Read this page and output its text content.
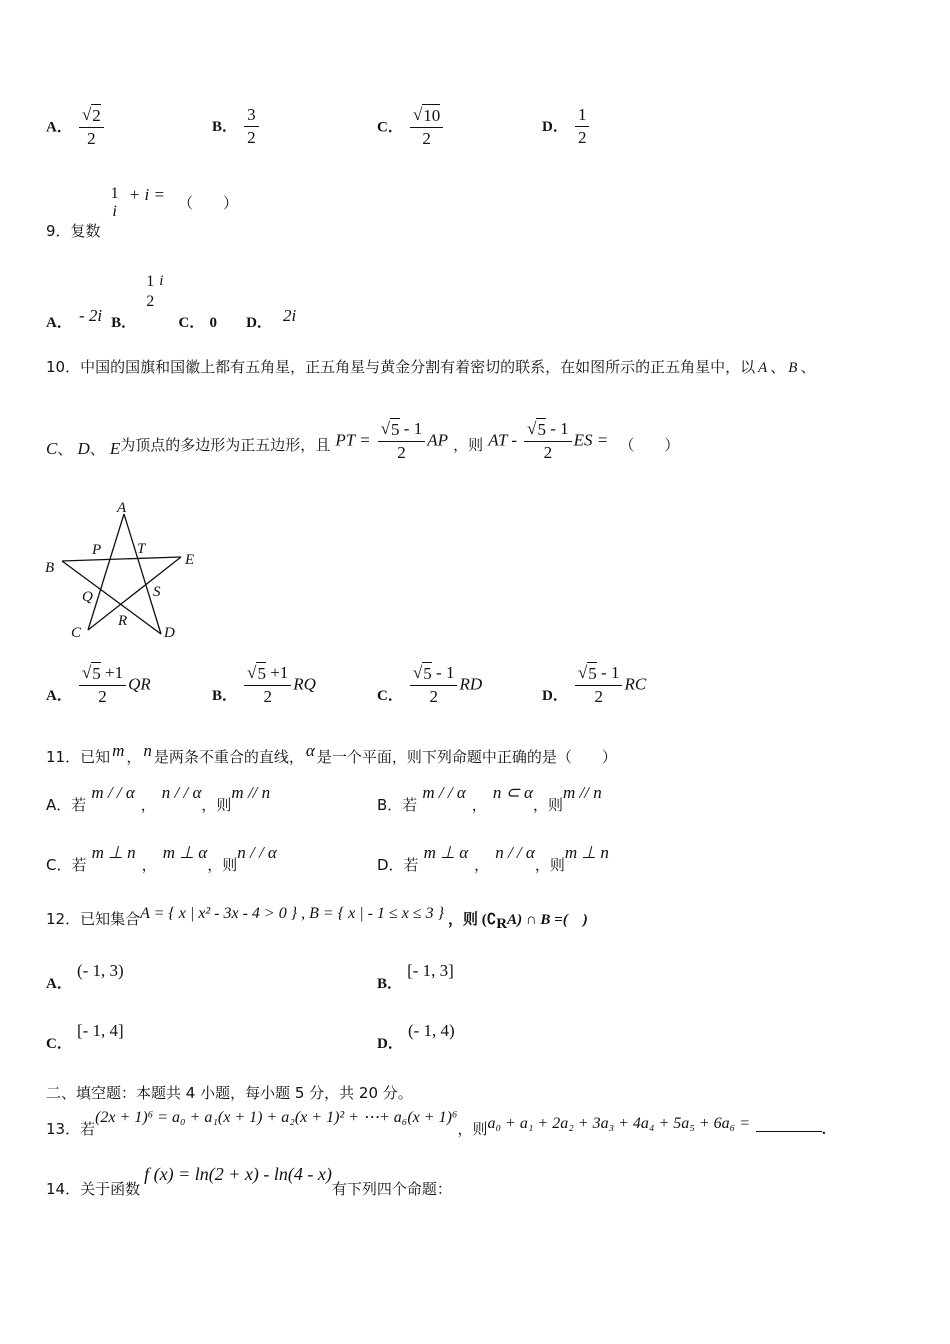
A． $\frac{√ 2}{2}$	B． $\frac{3}{2}$	C． $\frac{√ 10}{2}$	D． $\frac{1}{2}$
9．复数
1
i
+ i = （　　）
A． - 2i B．
1
2
i C． 0 D． 2i
10．中国的国旗和国徽上都有五角星，正五角星与黄金分割有着密切的联系，在如图所示的正五角星中，以 A 、 B 、
C、 D、 E为顶点的多边形为正五边形，且 PT = $\frac{√ 5 - 1}{2}$ AP ，则 AT - $\frac{√ 5 - 1}{2}$ ES = （　　）
A
B
C	D
E
P T
Q
R
S
A． $\frac{√ 5 +1}{2}$ QR
B． $\frac{√ 5 +1}{2}$ RQ
C． $\frac{√ 5 - 1}{2}$ RD
D． $\frac{√ 5 - 1}{2}$ RC
11．已知 m ， n 是两条不重合的直线， α 是一个平面，则下列命题中正确的是（　　）
A．若 m / / α，n / / α，则m // n
B．若 m / / α，n ⊂ α，则m // n
C．若 m ⊥ n，m ⊥ α，则n / / α
D．若 m ⊥ α，n / / α，则m ⊥ n
12．已知集合A = { x | x² - 3x - 4 > 0 } , B = { x | - 1 ≤ x ≤ 3 } ，则 $(∁_RA)$ ∩ B =(　)
A． (- 1, 3)
B． [- 1, 3]
C． [- 1, 4]
D． (- 1, 4)
二、填空题：本题共 4 小题，每小题 5 分，共 20 分。
13．若(2x + 1)⁶ = a₀ + a₁(x + 1) + a₂(x + 1)² + ⋯+ a₆(x + 1)⁶，则a₀ + a₁ + 2a₂ + 3a₃ + 4a₄ + 5a₅ + 6a₆ =	.
14．关于函数f (x) = ln(2 + x) - ln(4 - x)有下列四个命题：
